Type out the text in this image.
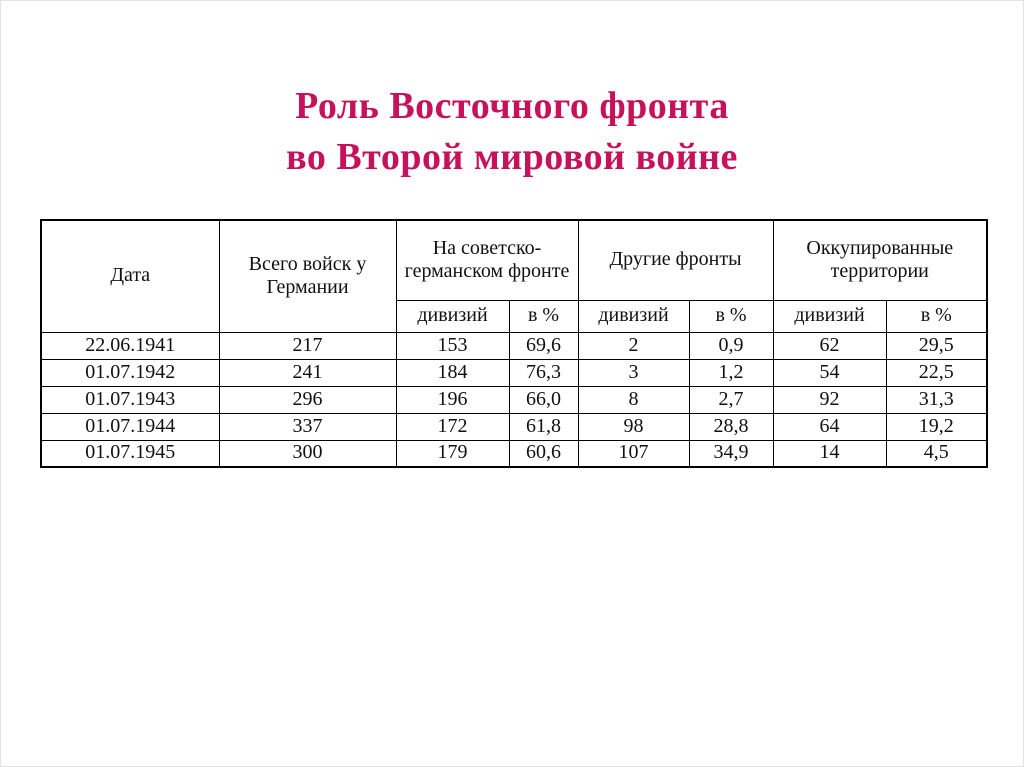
Роль Восточного фронта
во Второй мировой войне
Дата	Всего войск у Германии	На советско-германском фронте		Другие фронты		Оккупированные территории	
		дивизий	в %	дивизий	в %	дивизий	в %
22.06.1941	217	153	69,6	2	0,9	62	29,5
01.07.1942	241	184	76,3	3	1,2	54	22,5
01.07.1943	296	196	66,0	8	2,7	92	31,3
01.07.1944	337	172	61,8	98	28,8	64	19,2
01.07.1945	300	179	60,6	107	34,9	14	4,5
